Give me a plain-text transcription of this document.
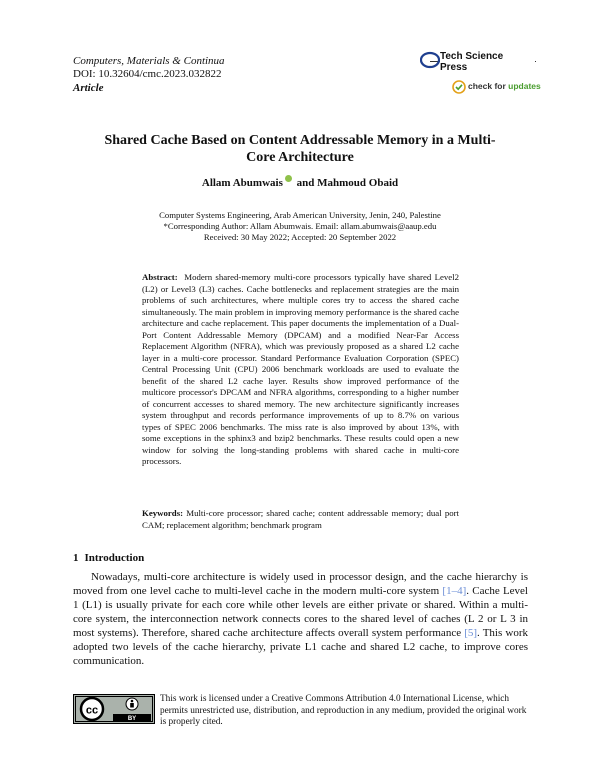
Computers, Materials & Continua
DOI: 10.32604/cmc.2023.032822
Article
Tech Science Press
check for updates
Shared Cache Based on Content Addressable Memory in a Multi-Core Architecture
Allam Abumwais and Mahmoud Obaid
Computer Systems Engineering, Arab American University, Jenin, 240, Palestine
*Corresponding Author: Allam Abumwais. Email: allam.abumwais@aaup.edu
Received: 30 May 2022; Accepted: 20 September 2022
Abstract: Modern shared-memory multi-core processors typically have shared Level2 (L2) or Level3 (L3) caches. Cache bottlenecks and replacement strategies are the main problems of such architectures, where multiple cores try to access the shared cache simultaneously. The main problem in improving memory performance is the shared cache architecture and cache replacement. This paper documents the implementation of a Dual-Port Content Addressable Memory (DPCAM) and a modified Near-Far Access Replacement Algorithm (NFRA), which was previously proposed as a shared L2 cache layer in a multi-core processor. Standard Performance Evaluation Corporation (SPEC) Central Processing Unit (CPU) 2006 benchmark workloads are used to evaluate the benefit of the shared L2 cache layer. Results show improved performance of the multicore processor's DPCAM and NFRA algorithms, corresponding to a higher number of concurrent accesses to shared memory. The new architecture significantly increases system throughput and records performance improvements of up to 8.7% on various types of SPEC 2006 benchmarks. The miss rate is also improved by about 13%, with some exceptions in the sphinx3 and bzip2 benchmarks. These results could open a new window for solving the long-standing problems with shared cache in multi-core processors.
Keywords: Multi-core processor; shared cache; content addressable memory; dual port CAM; replacement algorithm; benchmark program
1 Introduction
Nowadays, multi-core architecture is widely used in processor design, and the cache hierarchy is moved from one level cache to multi-level cache in the modern multi-core system [1–4]. Cache Level 1 (L1) is usually private for each core while other levels are either private or shared. Within a multi-core system, the interconnection network connects cores to the shared level of caches (L 2 or L 3 in most systems). Therefore, shared cache architecture affects overall system performance [5]. This work adopted two levels of the cache hierarchy, private L1 cache and shared L2 cache, to improve cores communication.
cc
BY
This work is licensed under a Creative Commons Attribution 4.0 International License, which permits unrestricted use, distribution, and reproduction in any medium, provided the original work is properly cited.
